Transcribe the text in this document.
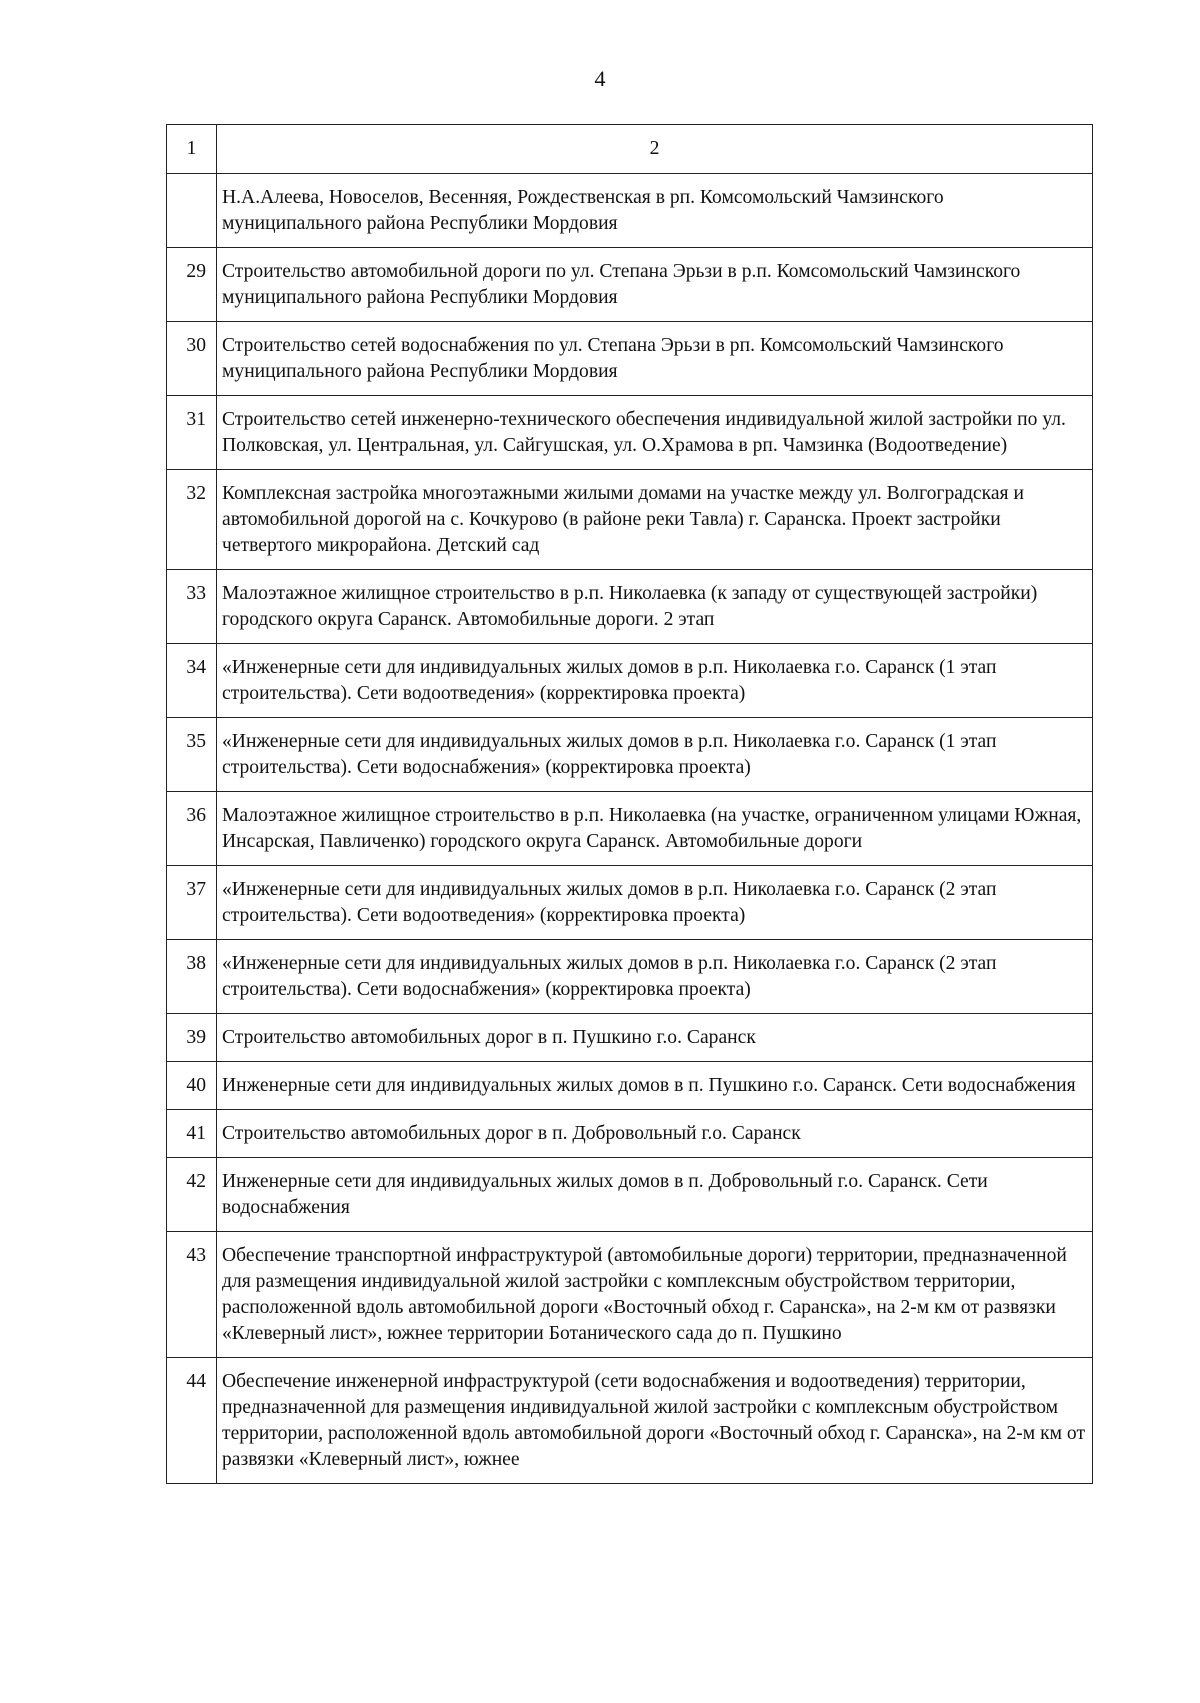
4
1	2
	Н.А.Алеева, Новоселов, Весенняя, Рождественская в рп. Комсомольский Чамзинского муниципального района Республики Мордовия
29	Строительство автомобильной дороги по ул. Степана Эрьзи в р.п. Комсомольский Чамзинского муниципального района Республики Мордовия
30	Строительство сетей водоснабжения по ул. Степана Эрьзи в рп. Комсомольский Чамзинского муниципального района Республики Мордовия
31	Строительство сетей инженерно-технического обеспечения индивидуальной жилой застройки по ул. Полковская, ул. Центральная, ул. Сайгушская, ул. О.Храмова в рп. Чамзинка (Водоотведение)
32	Комплексная застройка многоэтажными жилыми домами на участке между ул. Волгоградская и автомобильной дорогой на с. Кочкурово (в районе реки Тавла) г. Саранска. Проект застройки четвертого микрорайона. Детский сад
33	Малоэтажное жилищное строительство в р.п. Николаевка (к западу от существующей застройки) городского округа Саранск. Автомобильные дороги. 2 этап
34	«Инженерные сети для индивидуальных жилых домов в р.п. Николаевка г.о. Саранск (1 этап строительства). Сети водоотведения» (корректировка проекта)
35	«Инженерные сети для индивидуальных жилых домов в р.п. Николаевка г.о. Саранск (1 этап строительства). Сети водоснабжения» (корректировка проекта)
36	Малоэтажное жилищное строительство в р.п. Николаевка (на участке, ограниченном улицами Южная, Инсарская, Павличенко) городского округа Саранск. Автомобильные дороги
37	«Инженерные сети для индивидуальных жилых домов в р.п. Николаевка г.о. Саранск (2 этап строительства). Сети водоотведения» (корректировка проекта)
38	«Инженерные сети для индивидуальных жилых домов в р.п. Николаевка г.о. Саранск (2 этап строительства). Сети водоснабжения» (корректировка проекта)
39	Строительство автомобильных дорог в п. Пушкино г.о. Саранск
40	Инженерные сети для индивидуальных жилых домов в п. Пушкино г.о. Саранск. Сети водоснабжения
41	Строительство автомобильных дорог в п. Добровольный г.о. Саранск
42	Инженерные сети для индивидуальных жилых домов в п. Добровольный г.о. Саранск. Сети водоснабжения
43	Обеспечение транспортной инфраструктурой (автомобильные дороги) территории, предназначенной для размещения индивидуальной жилой застройки с комплексным обустройством территории, расположенной вдоль автомобильной дороги «Восточный обход г. Саранска», на 2-м км от развязки «Клеверный лист», южнее территории Ботанического сада до п. Пушкино
44	Обеспечение инженерной инфраструктурой (сети водоснабжения и водоотведения) территории, предназначенной для размещения индивидуальной жилой застройки с комплексным обустройством территории, расположенной вдоль автомобильной дороги «Восточный обход г. Саранска», на 2-м км от развязки «Клеверный лист», южнее
